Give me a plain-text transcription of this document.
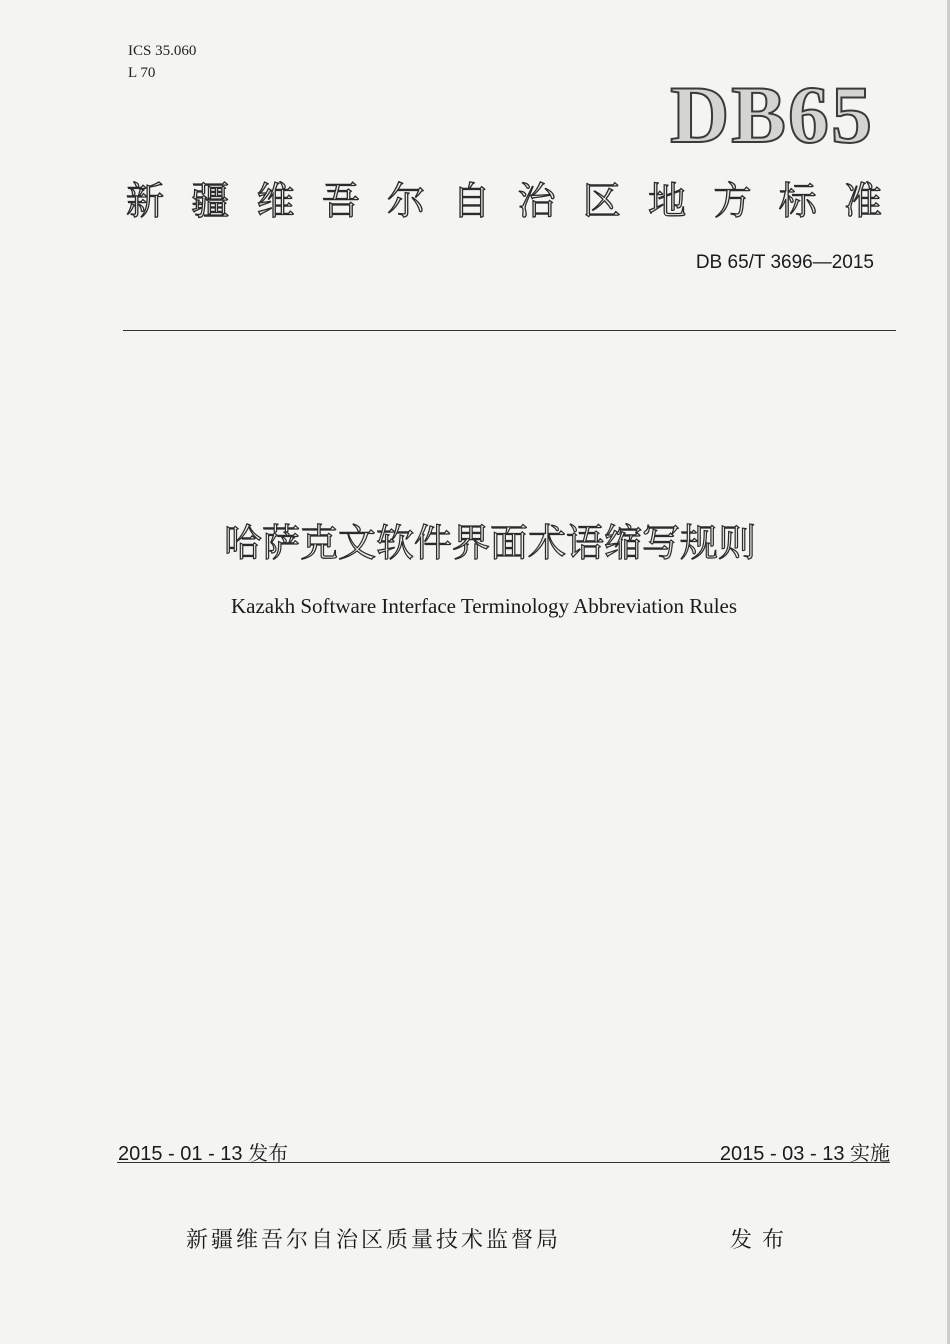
ICS 35.060
L 70	DB65
新 疆 维 吾 尔 自 治 区 地 方 标 准
DB 65/T 3696—2015
哈萨克文软件界面术语缩写规则
Kazakh Software Interface Terminology Abbreviation Rules
2015 - 01 - 13 发布	2015 - 03 - 13 实施
新疆维吾尔自治区质量技术监督局	发布
